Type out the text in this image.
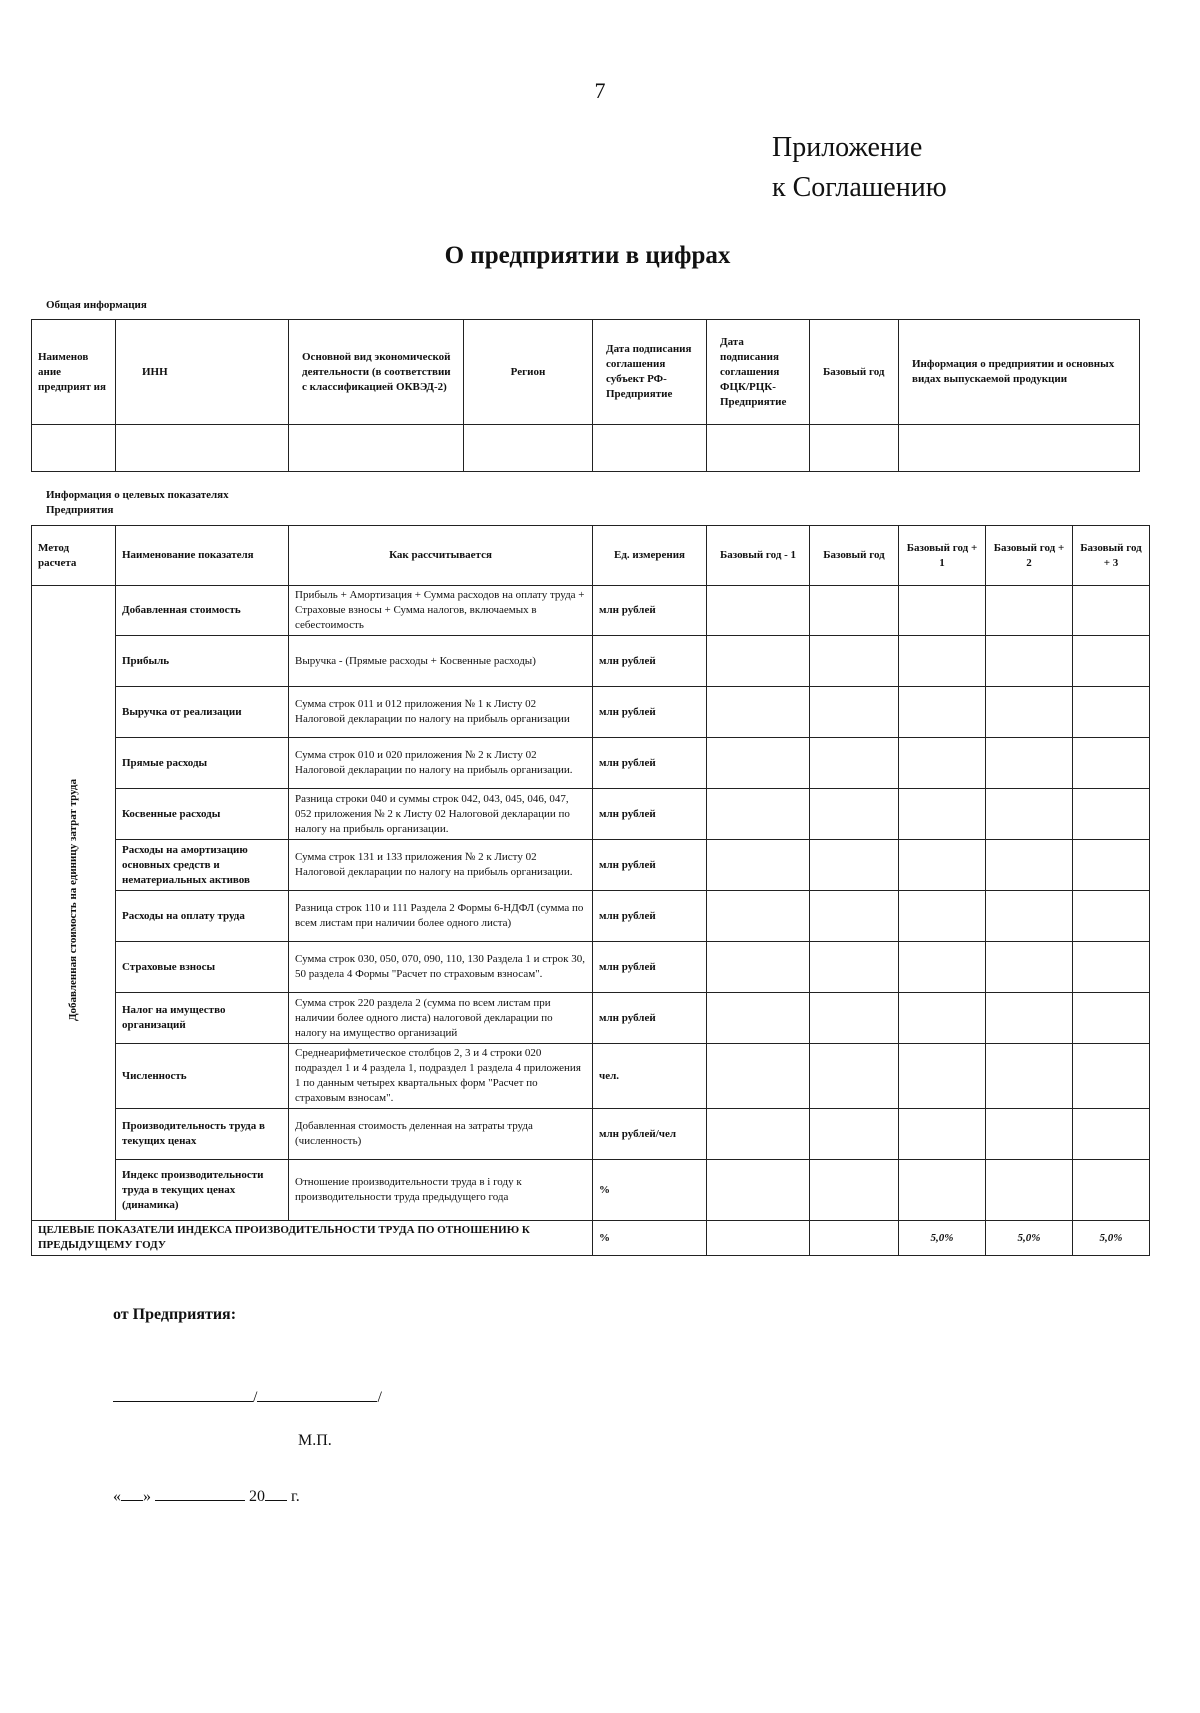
7
Приложение
к Соглашению
О предприятии в цифрах
Общая информация
Наименов ание предприят ия	ИНН	Основной вид экономической деятельности (в соответствии с классификацией ОКВЭД-2)	Регион	Дата подписания соглашения субъект РФ-Предприятие	Дата подписания соглашения ФЦК/РЦК-Предприятие	Базовый год	Информация о предприятии и основных видах выпускаемой продукции

Информация о целевых показателях Предприятия
Метод расчета	Наименование показателя	Как рассчитывается	Ед. измерения	Базовый год - 1	Базовый год	Базовый год + 1	Базовый год + 2	Базовый год + 3
Добавленная стоимость на единицу затрат труда	Добавленная стоимость	Прибыль + Амортизация + Сумма расходов на оплату труда + Страховые взносы + Сумма налогов, включаемых в себестоимость	млн рублей					
	Прибыль	Выручка - (Прямые расходы + Косвенные расходы)	млн рублей					
	Выручка от реализации	Сумма строк 011 и 012 приложения № 1 к Листу 02 Налоговой декларации по налогу на прибыль организации	млн рублей					
	Прямые расходы	Сумма строк 010 и 020 приложения № 2 к Листу 02 Налоговой декларации по налогу на прибыль организации.	млн рублей					
	Косвенные расходы	Разница строки 040 и суммы строк 042, 043, 045, 046, 047, 052 приложения № 2 к Листу 02 Налоговой декларации по налогу на прибыль организации.	млн рублей					
	Расходы на амортизацию основных средств и нематериальных активов	Сумма строк 131 и 133 приложения № 2 к Листу 02 Налоговой декларации по налогу на прибыль организации.	млн рублей					
	Расходы на оплату труда	Разница строк 110 и 111 Раздела 2 Формы 6-НДФЛ (сумма по всем листам при наличии более одного листа)	млн рублей					
	Страховые взносы	Сумма строк 030, 050, 070, 090, 110, 130 Раздела 1 и строк 30, 50 раздела 4 Формы "Расчет по страховым взносам".	млн рублей					
	Налог на имущество организаций	Сумма строк 220 раздела 2 (сумма по всем листам при наличии более одного листа) налоговой декларации по налогу на имущество организаций	млн рублей					
	Численность	Среднеарифметическое столбцов 2, 3 и 4 строки 020 подраздел 1 и 4 раздела 1, подраздел 1 раздела 4 приложения 1 по данным четырех квартальных форм "Расчет по страховым взносам".	чел.					
	Производительность труда в текущих ценах	Добавленная стоимость деленная на затраты труда (численность)	млн рублей/чел					
	Индекс производительности труда в текущих ценах (динамика)	Отношение производительности труда в i году к производительности труда предыдущего года	%					
ЦЕЛЕВЫЕ ПОКАЗАТЕЛИ ИНДЕКСА ПРОИЗВОДИТЕЛЬНОСТИ ТРУДА ПО ОТНОШЕНИЮ К ПРЕДЫДУЩЕМУ ГОДУ			%			5,0%	5,0%	5,0%
от Предприятия:
/	/
М.П.
« »	20 г.
